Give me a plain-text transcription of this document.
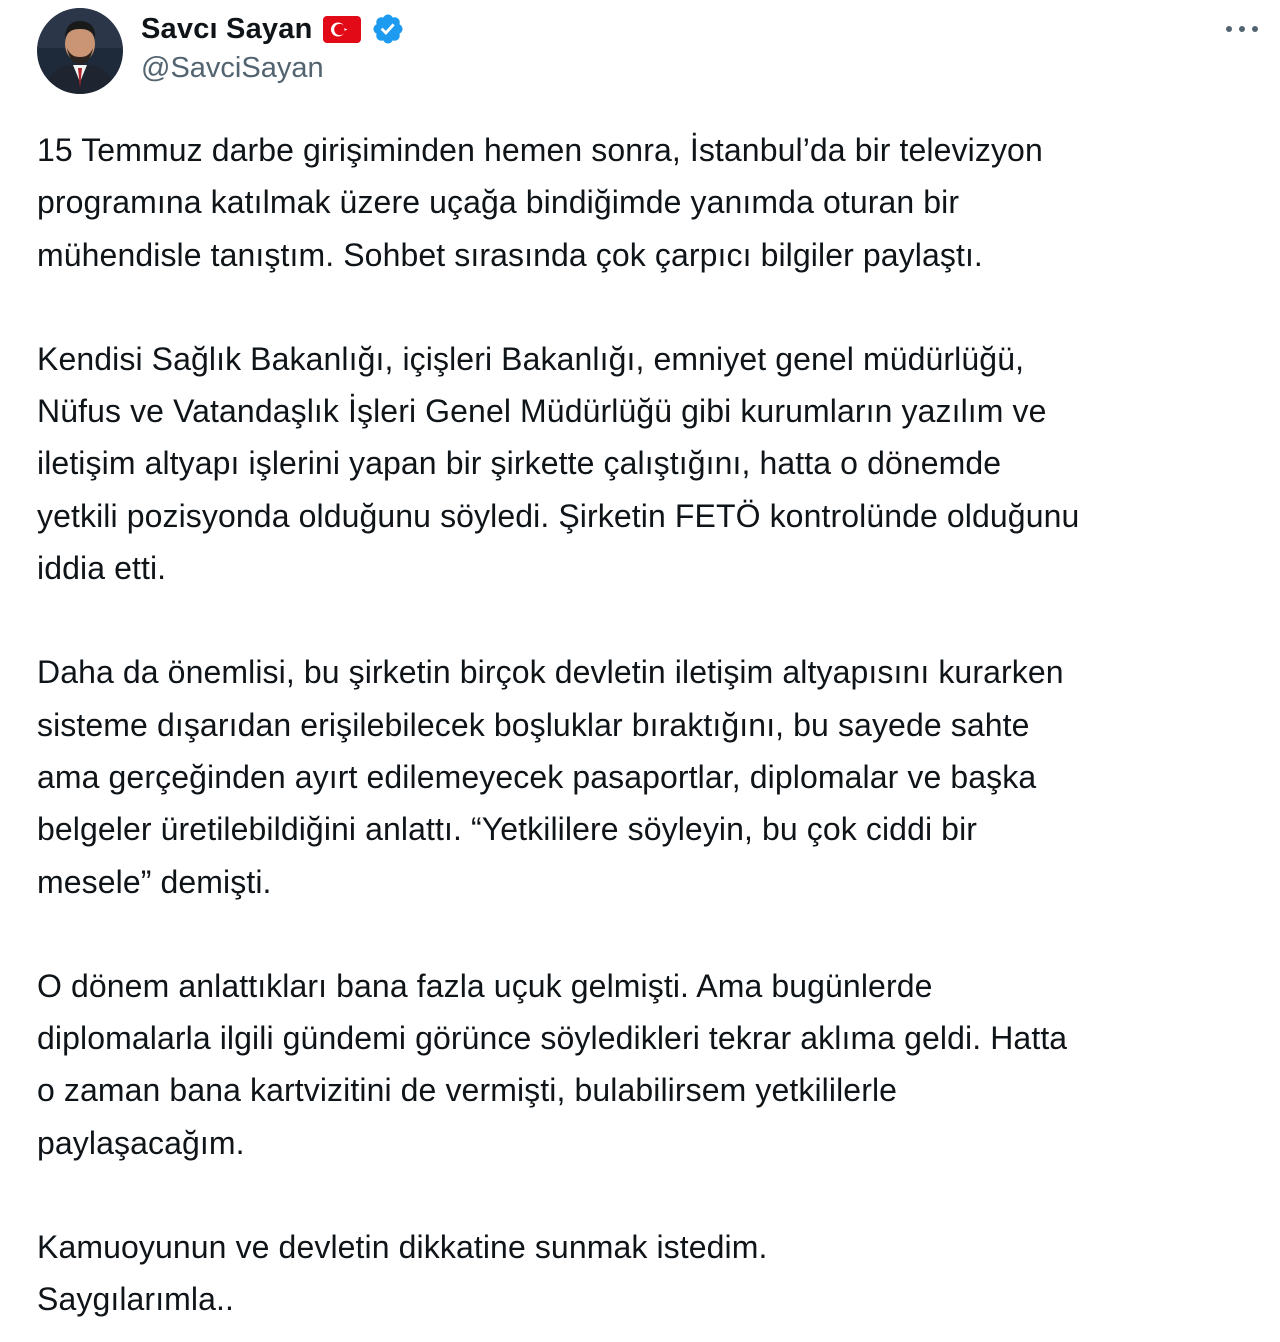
Savcı Sayan
@SavciSayan

15 Temmuz darbe girişiminden hemen sonra, İstanbul’da bir televizyon
programına katılmak üzere uçağa bindiğimde yanımda oturan bir
mühendisle tanıştım. Sohbet sırasında çok çarpıcı bilgiler paylaştı.

Kendisi Sağlık Bakanlığı, içişleri Bakanlığı, emniyet genel müdürlüğü,
Nüfus ve Vatandaşlık İşleri Genel Müdürlüğü gibi kurumların yazılım ve
iletişim altyapı işlerini yapan bir şirkette çalıştığını, hatta o dönemde
yetkili pozisyonda olduğunu söyledi. Şirketin FETÖ kontrolünde olduğunu
iddia etti.

Daha da önemlisi, bu şirketin birçok devletin iletişim altyapısını kurarken
sisteme dışarıdan erişilebilecek boşluklar bıraktığını, bu sayede sahte
ama gerçeğinden ayırt edilemeyecek pasaportlar, diplomalar ve başka
belgeler üretilebildiğini anlattı. “Yetkililere söyleyin, bu çok ciddi bir
mesele” demişti.

O dönem anlattıkları bana fazla uçuk gelmişti. Ama bugünlerde
diplomalarla ilgili gündemi görünce söyledikleri tekrar aklıma geldi. Hatta
o zaman bana kartvizitini de vermişti, bulabilirsem yetkililerle
paylaşacağım.

Kamuoyunun ve devletin dikkatine sunmak istedim.
Saygılarımla..
